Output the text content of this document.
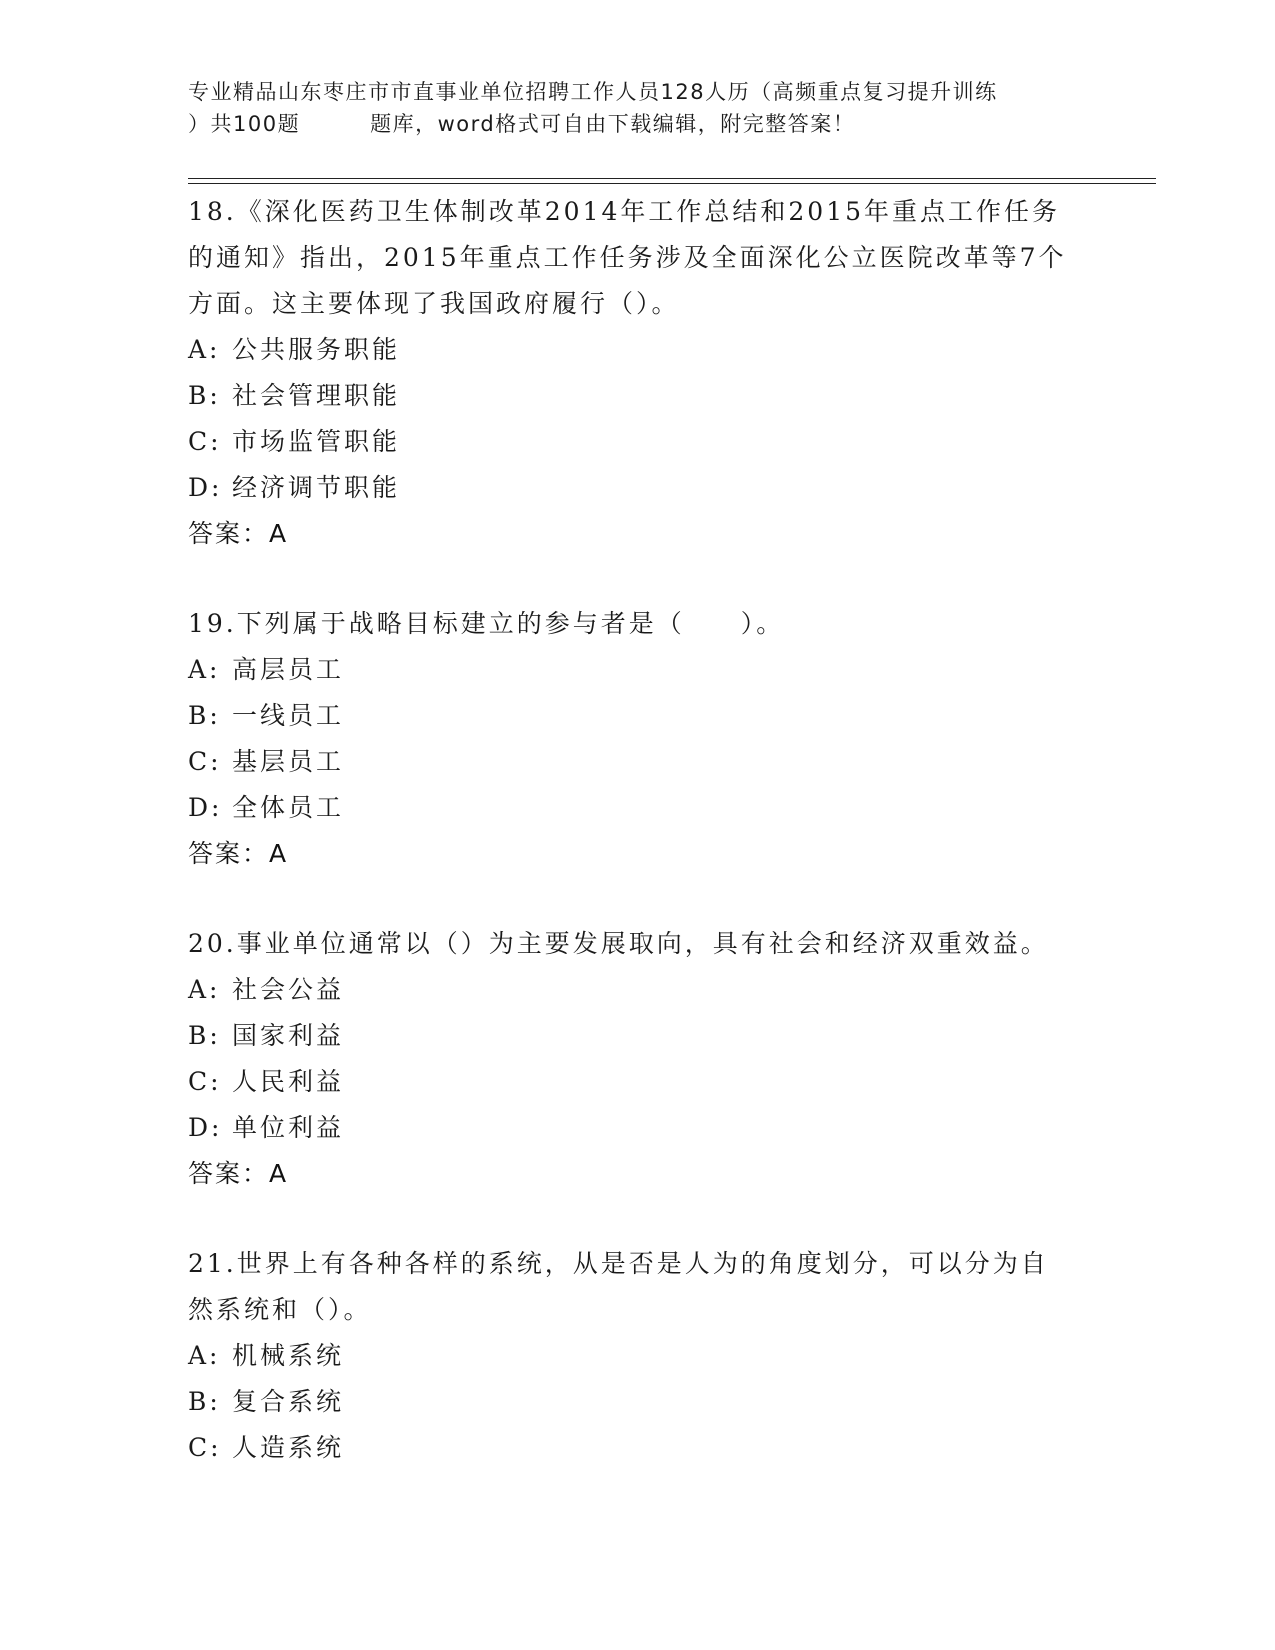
专业精品山东枣庄市市直事业单位招聘工作人员128人历（高频重点复习提升训练
）共100题	题库，word格式可自由下载编辑，附完整答案！
18.《深化医药卫生体制改革2014年工作总结和2015年重点工作任务的通知》指出，2015年重点工作任务涉及全面深化公立医院改革等7个方面。这主要体现了我国政府履行（）。
A: 公共服务职能
B: 社会管理职能
C: 市场监管职能
D: 经济调节职能
答案：A
19.下列属于战略目标建立的参与者是（　　）。
A: 高层员工
B: 一线员工
C: 基层员工
D: 全体员工
答案：A
20.事业单位通常以（）为主要发展取向，具有社会和经济双重效益。
A: 社会公益
B: 国家利益
C: 人民利益
D: 单位利益
答案：A
21.世界上有各种各样的系统，从是否是人为的角度划分，可以分为自然系统和（）。
A: 机械系统
B: 复合系统
C: 人造系统
